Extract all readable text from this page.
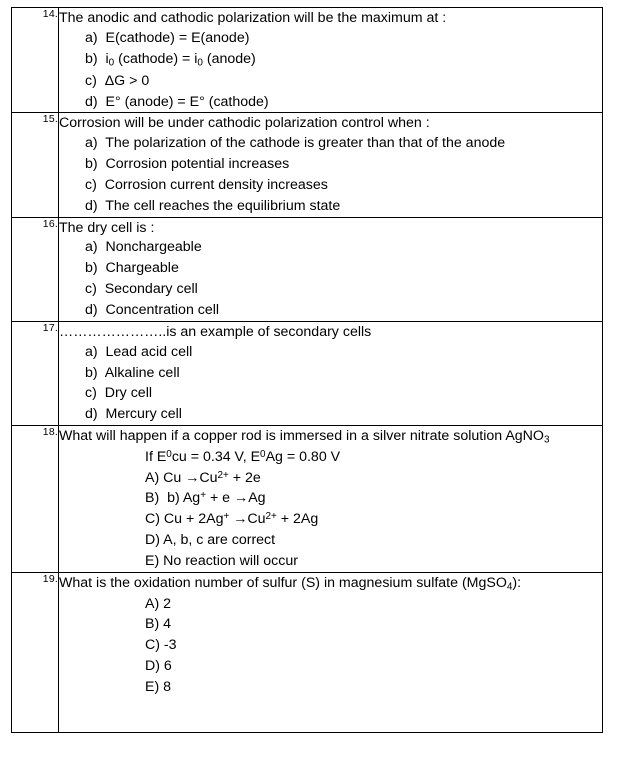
14.	The anodic and cathodic polarization will be the maximum at :
a)  E(cathode) = E(anode)
b)  $i_0$ (cathode) = $i_0$ (anode)
c)  ΔG > 0
d)  E° (anode) = E° (cathode)

15.	Corrosion will be under cathodic polarization control when :
a)  The polarization of the cathode is greater than that of the anode
b)  Corrosion potential increases
c)  Corrosion current density increases
d)  The cell reaches the equilibrium state

16.	The dry cell is :
a)  Nonchargeable
b)  Chargeable
c)  Secondary cell
d)  Concentration cell

17.	…………………..is an example of secondary cells
a)  Lead acid cell
b)  Alkaline cell
c)  Dry cell
d)  Mercury cell

18.	What will happen if a copper rod is immersed in a silver nitrate solution AgNO$_3$
If $E^0cu = 0.34$ V, $E^0Ag = 0.80$ V
A) $Cu \to Cu^{2+} + 2e$
B)  b) Ag+ + e →Ag
C) $Cu + 2Ag^+ \to Cu^{2+} + 2Ag$
D) A, b, c are correct
E) No reaction will occur

19.	What is the oxidation number of sulfur (S) in magnesium sulfate (MgSO$_4$):
A) 2
B) 4
C) -3
D) 6
E) 8
